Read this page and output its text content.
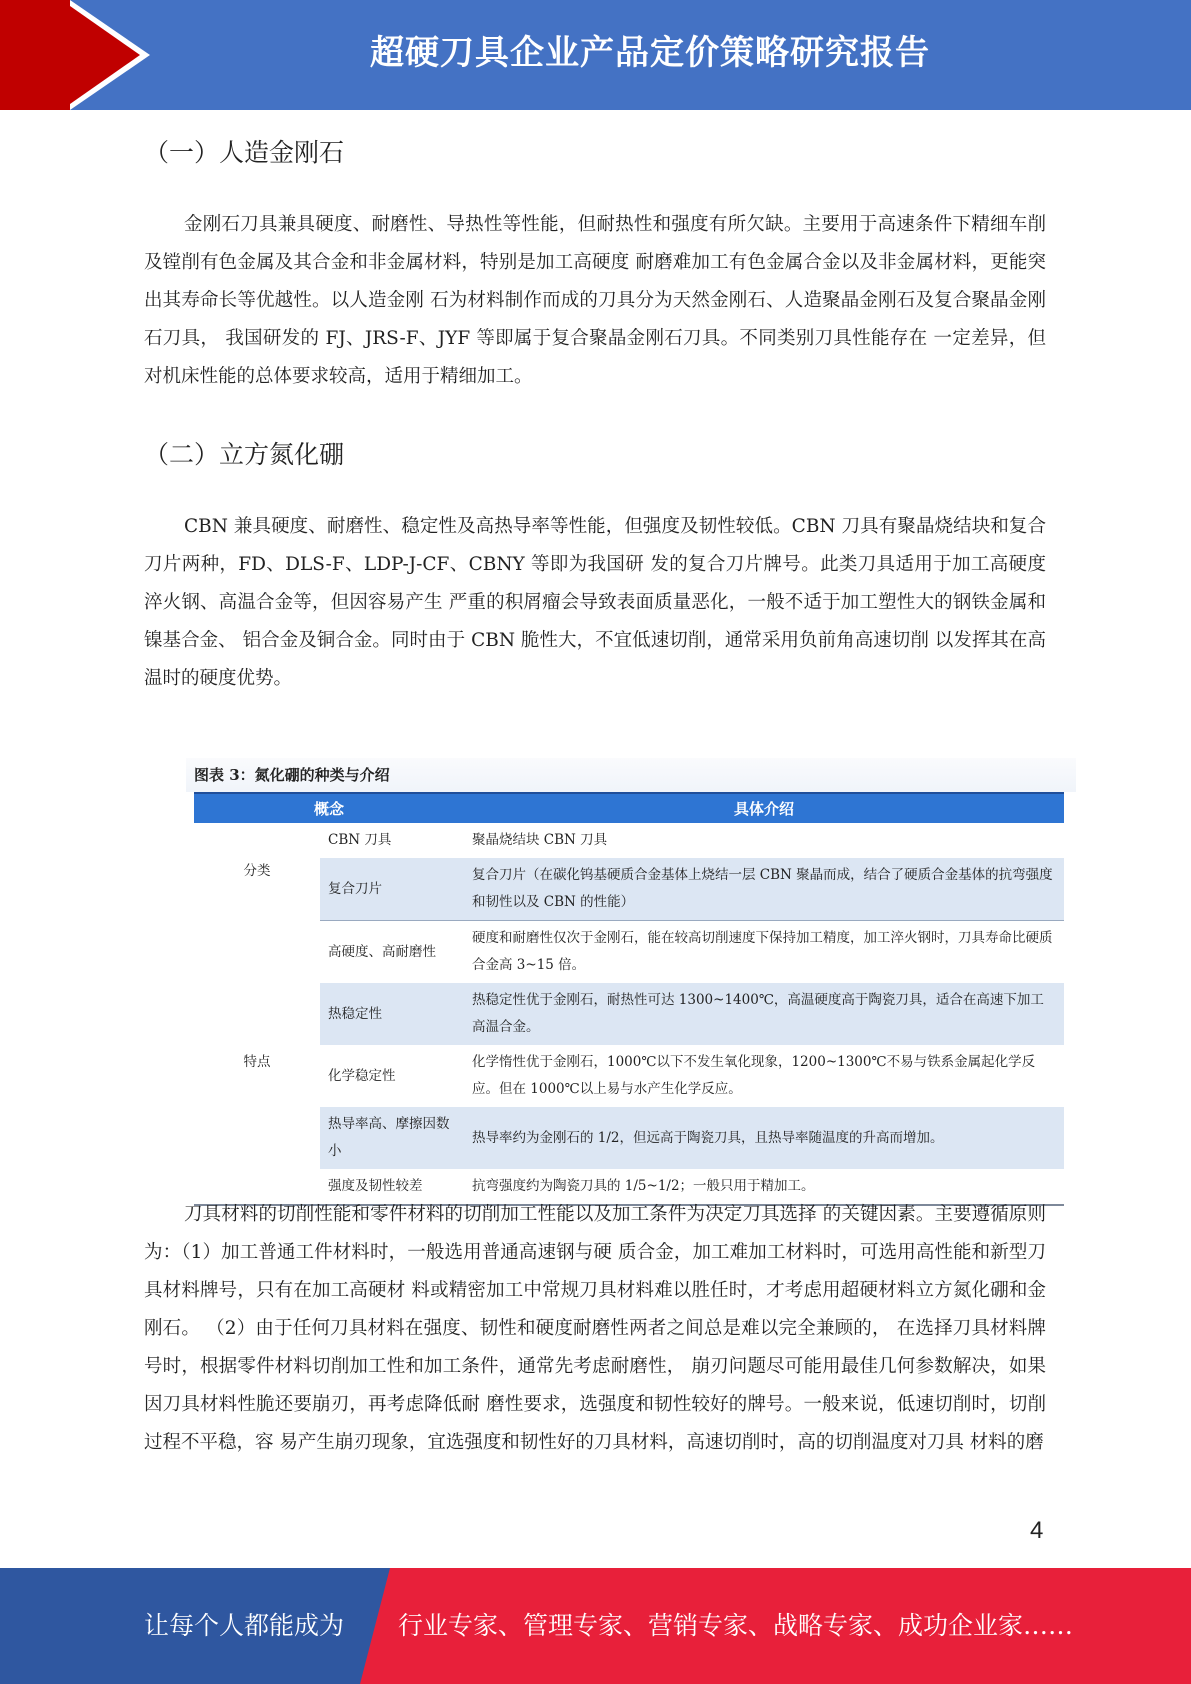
超硬刀具企业产品定价策略研究报告
（一）人造金刚石

金刚石刀具兼具硬度、耐磨性、导热性等性能，但耐热性和强度有所欠缺。主要用于高速条件下精细车削及镗削有色金属及其合金和非金属材料，特别是加工高硬度 耐磨难加工有色金属合金以及非金属材料，更能突出其寿命长等优越性。以人造金刚 石为材料制作而成的刀具分为天然金刚石、人造聚晶金刚石及复合聚晶金刚石刀具， 我国研发的 FJ、JRS-F、JYF 等即属于复合聚晶金刚石刀具。不同类别刀具性能存在 一定差异，但对机床性能的总体要求较高，适用于精细加工。

（二）立方氮化硼

CBN 兼具硬度、耐磨性、稳定性及高热导率等性能，但强度及韧性较低。CBN 刀具有聚晶烧结块和复合刀片两种，FD、DLS-F、LDP-J-CF、CBNY 等即为我国研 发的复合刀片牌号。此类刀具适用于加工高硬度淬火钢、高温合金等，但因容易产生 严重的积屑瘤会导致表面质量恶化，一般不适于加工塑性大的钢铁金属和镍基合金、 铝合金及铜合金。同时由于 CBN 脆性大，不宜低速切削，通常采用负前角高速切削 以发挥其在高温时的硬度优势。

图表 3：氮化硼的种类与介绍
概念		具体介绍
分类	CBN 刀具	聚晶烧结块 CBN 刀具
	复合刀片	复合刀片（在碳化钨基硬质合金基体上烧结一层 CBN 聚晶而成，结合了硬质合金基体的抗弯强度和韧性以及 CBN 的性能）
特点	高硬度、高耐磨性	硬度和耐磨性仅次于金刚石，能在较高切削速度下保持加工精度，加工淬火钢时，刀具寿命比硬质合金高 3~15 倍。
	热稳定性	热稳定性优于金刚石，耐热性可达 1300~1400℃，高温硬度高于陶瓷刀具，适合在高速下加工高温合金。
	化学稳定性	化学惰性优于金刚石，1000℃以下不发生氧化现象，1200~1300℃不易与铁系金属起化学反应。但在 1000℃以上易与水产生化学反应。
	热导率高、摩擦因数小	热导率约为金刚石的 1/2，但远高于陶瓷刀具，且热导率随温度的升高而增加。
	强度及韧性较差	抗弯强度约为陶瓷刀具的 1/5~1/2；一般只用于精加工。

刀具材料的切削性能和零件材料的切削加工性能以及加工条件为决定刀具选择 的关键因素。主要遵循原则为：（1）加工普通工件材料时，一般选用普通高速钢与硬 质合金，加工难加工材料时，可选用高性能和新型刀具材料牌号，只有在加工高硬材 料或精密加工中常规刀具材料难以胜任时，才考虑用超硬材料立方氮化硼和金刚石。 （2）由于任何刀具材料在强度、韧性和硬度耐磨性两者之间总是难以完全兼顾的， 在选择刀具材料牌号时，根据零件材料切削加工性和加工条件，通常先考虑耐磨性， 崩刃问题尽可能用最佳几何参数解决，如果因刀具材料性脆还要崩刃，再考虑降低耐 磨性要求，选强度和韧性较好的牌号。一般来说，低速切削时，切削过程不平稳，容 易产生崩刃现象，宜选强度和韧性好的刀具材料，高速切削时，高的切削温度对刀具 材料的磨

4
让每个人都能成为 行业专家、管理专家、营销专家、战略专家、成功企业家……
